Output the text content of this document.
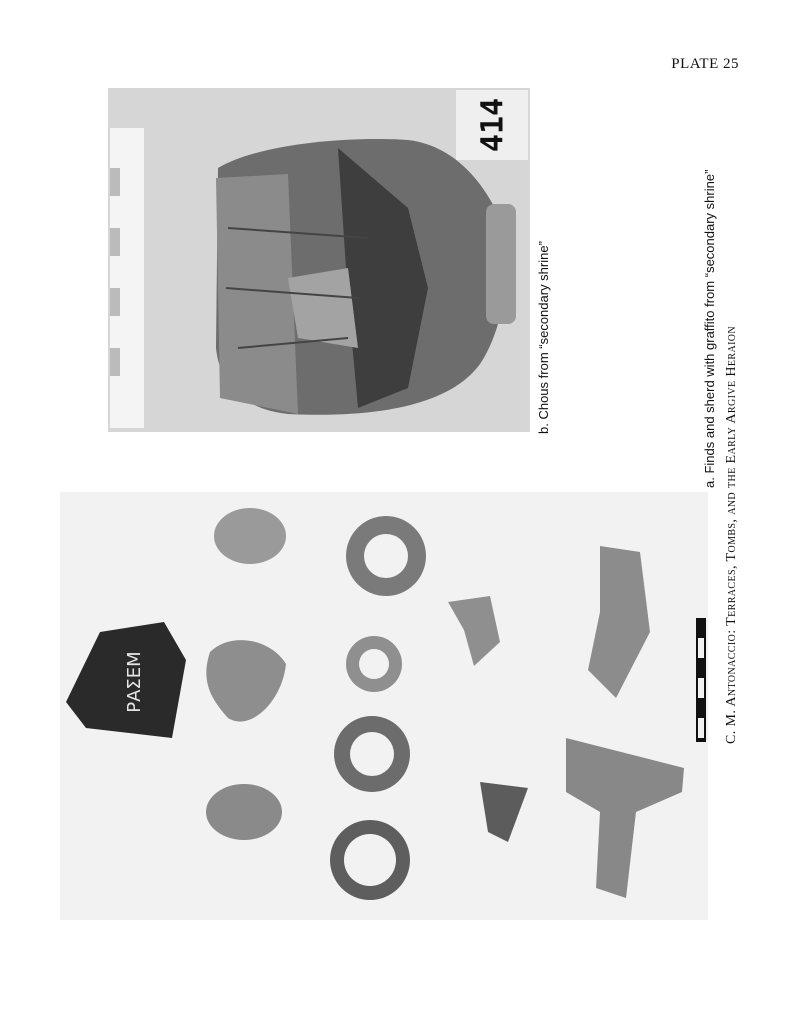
PLATE 25
414
b. Chous from “secondary shrine”
ΡΑΣΕΜ
a. Finds and sherd with graffito from “secondary shrine”
C. M. Antonaccio: Terraces, Tombs, and the Early Argive Heraion
